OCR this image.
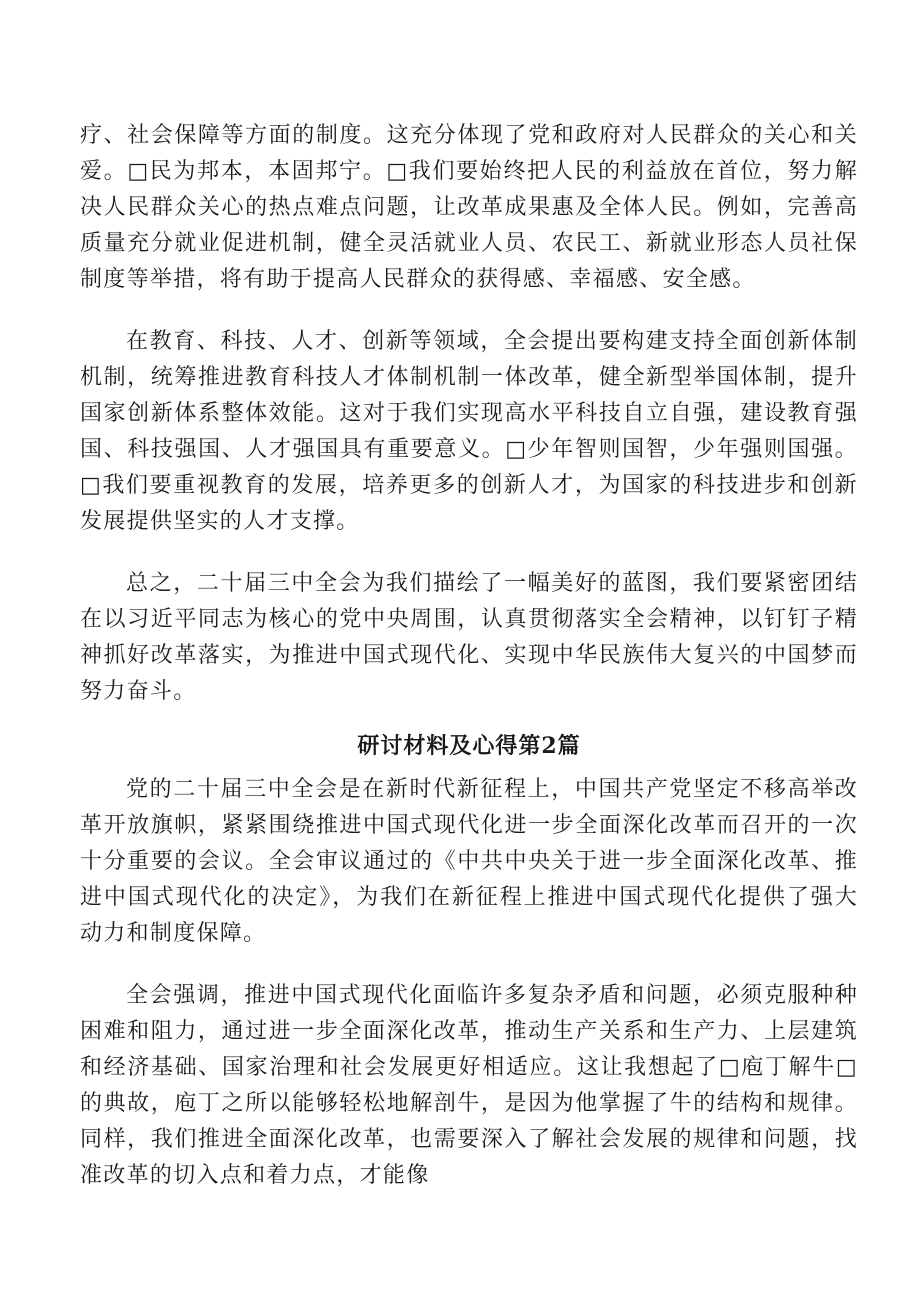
疗、社会保障等方面的制度。这充分体现了党和政府对人民群众的关心和关爱。□民为邦本，本固邦宁。□我们要始终把人民的利益放在首位，努力解决人民群众关心的热点难点问题，让改革成果惠及全体人民。例如，完善高质量充分就业促进机制，健全灵活就业人员、农民工、新就业形态人员社保制度等举措，将有助于提高人民群众的获得感、幸福感、安全感。

在教育、科技、人才、创新等领域，全会提出要构建支持全面创新体制机制，统筹推进教育科技人才体制机制一体改革，健全新型举国体制，提升国家创新体系整体效能。这对于我们实现高水平科技自立自强，建设教育强国、科技强国、人才强国具有重要意义。□少年智则国智，少年强则国强。□我们要重视教育的发展，培养更多的创新人才，为国家的科技进步和创新发展提供坚实的人才支撑。

总之，二十届三中全会为我们描绘了一幅美好的蓝图，我们要紧密团结在以习近平同志为核心的党中央周围，认真贯彻落实全会精神，以钉钉子精神抓好改革落实，为推进中国式现代化、实现中华民族伟大复兴的中国梦而努力奋斗。

研讨材料及心得第2篇

党的二十届三中全会是在新时代新征程上，中国共产党坚定不移高举改革开放旗帜，紧紧围绕推进中国式现代化进一步全面深化改革而召开的一次十分重要的会议。全会审议通过的《中共中央关于进一步全面深化改革、推进中国式现代化的决定》，为我们在新征程上推进中国式现代化提供了强大动力和制度保障。

全会强调，推进中国式现代化面临许多复杂矛盾和问题，必须克服种种困难和阻力，通过进一步全面深化改革，推动生产关系和生产力、上层建筑和经济基础、国家治理和社会发展更好相适应。这让我想起了□庖丁解牛□的典故，庖丁之所以能够轻松地解剖牛，是因为他掌握了牛的结构和规律。同样，我们推进全面深化改革，也需要深入了解社会发展的规律和问题，找准改革的切入点和着力点，才能像
